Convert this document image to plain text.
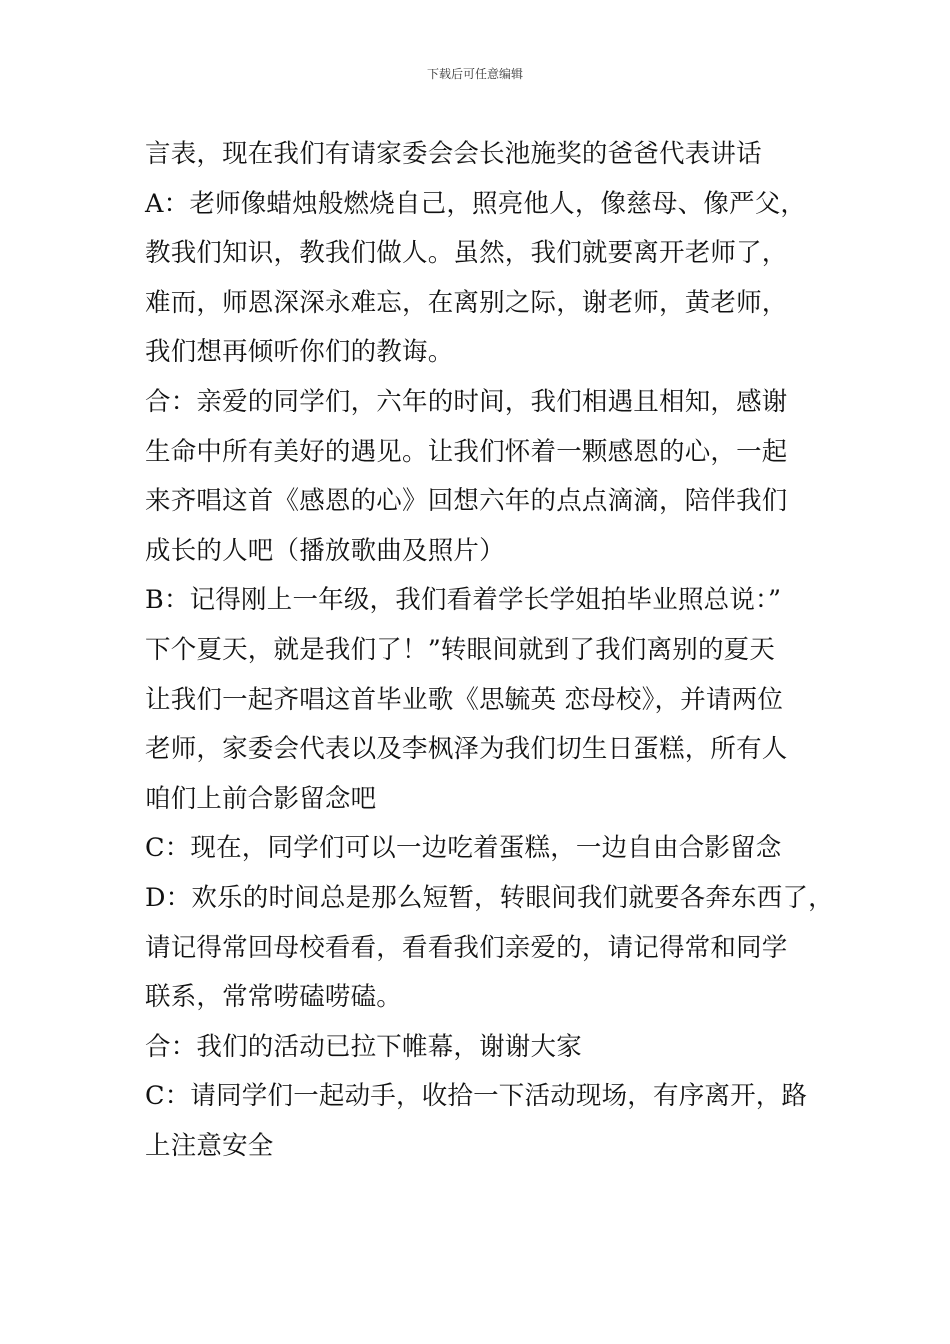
下载后可任意编辑
言表，现在我们有请家委会会长池施奖的爸爸代表讲话
A：老师像蜡烛般燃烧自己，照亮他人，像慈母、像严父，
教我们知识，教我们做人。虽然，我们就要离开老师了，
难而，师恩深深永难忘，在离别之际，谢老师，黄老师，
我们想再倾听你们的教诲。
合：亲爱的同学们，六年的时间，我们相遇且相知，感谢
生命中所有美好的遇见。让我们怀着一颗感恩的心，一起
来齐唱这首《感恩的心》回想六年的点点滴滴，陪伴我们
成长的人吧（播放歌曲及照片）
B：记得刚上一年级，我们看着学长学姐拍毕业照总说：”
下个夏天，就是我们了！”转眼间就到了我们离别的夏天
让我们一起齐唱这首毕业歌《思毓英 恋母校》，并请两位
老师，家委会代表以及李枫泽为我们切生日蛋糕，所有人
咱们上前合影留念吧
C：现在，同学们可以一边吃着蛋糕，一边自由合影留念
D：欢乐的时间总是那么短暂，转眼间我们就要各奔东西了，
请记得常回母校看看，看看我们亲爱的，请记得常和同学
联系，常常唠磕唠磕。
合：我们的活动已拉下帷幕，谢谢大家
C：请同学们一起动手，收拾一下活动现场，有序离开，路
上注意安全
